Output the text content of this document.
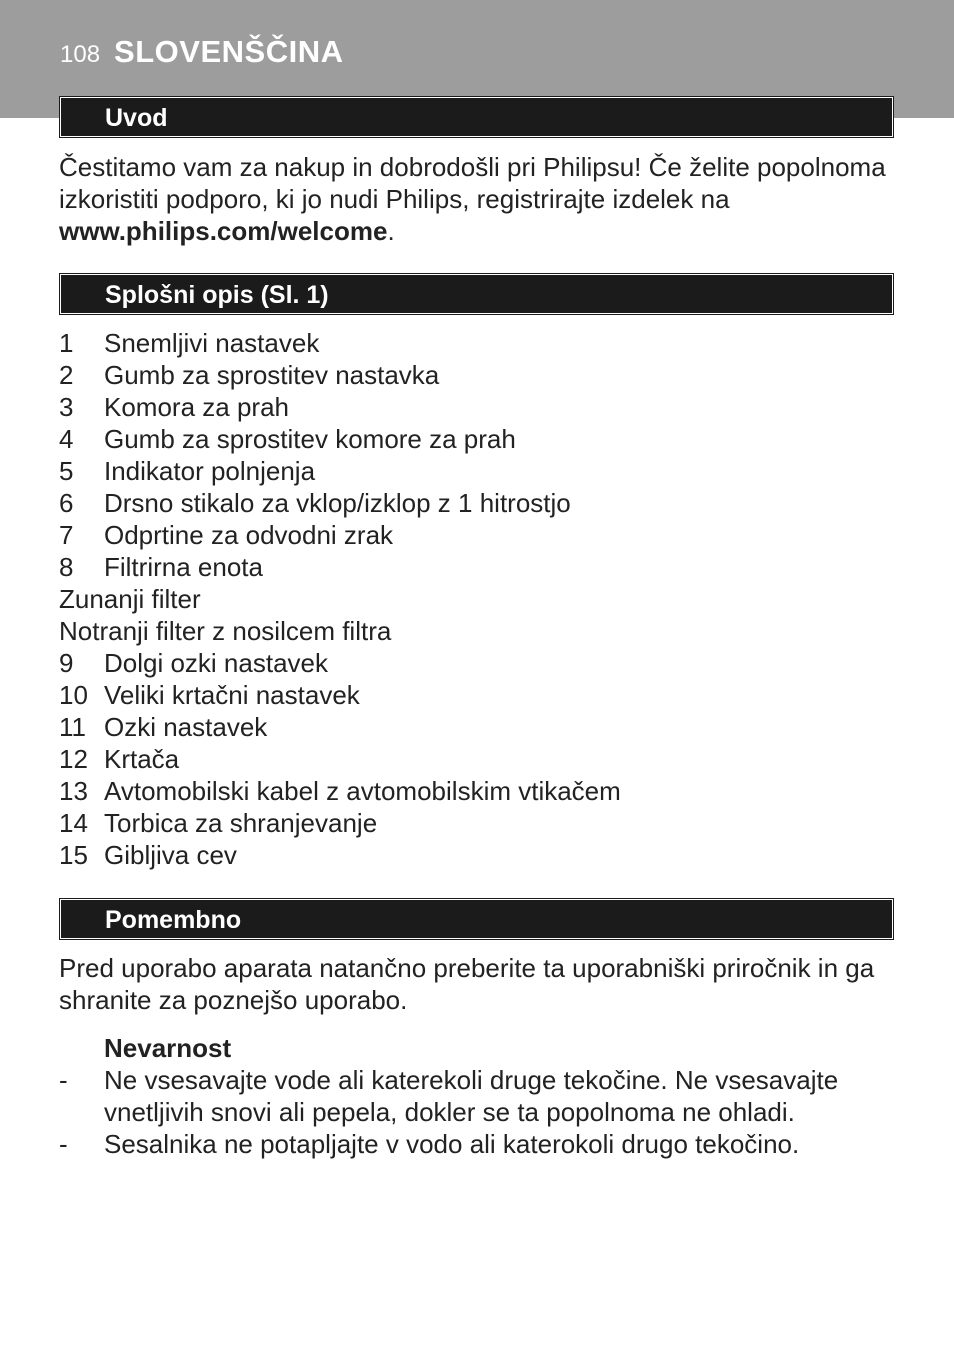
108 SLOVENŠČINA
Uvod
Čestitamo vam za nakup in dobrodošli pri Philipsu! Če želite popolnoma izkoristiti podporo, ki jo nudi Philips, registrirajte izdelek na
www.philips.com/welcome.
Splošni opis (Sl. 1)
1 Snemljivi nastavek
2 Gumb za sprostitev nastavka
3 Komora za prah
4 Gumb za sprostitev komore za prah
5 Indikator polnjenja
6 Drsno stikalo za vklop/izklop z 1 hitrostjo
7 Odprtine za odvodni zrak
8 Filtrirna enota
Zunanji filter
Notranji filter z nosilcem filtra
9 Dolgi ozki nastavek
10 Veliki krtačni nastavek
11 Ozki nastavek
12 Krtača
13 Avtomobilski kabel z avtomobilskim vtikačem
14 Torbica za shranjevanje
15 Gibljiva cev
Pomembno
Pred uporabo aparata natančno preberite ta uporabniški priročnik in ga shranite za poznejšo uporabo.
Nevarnost
- Ne vsesavajte vode ali katerekoli druge tekočine. Ne vsesavajte vnetljivih snovi ali pepela, dokler se ta popolnoma ne ohladi.
- Sesalnika ne potapljajte v vodo ali katerokoli drugo tekočino.
